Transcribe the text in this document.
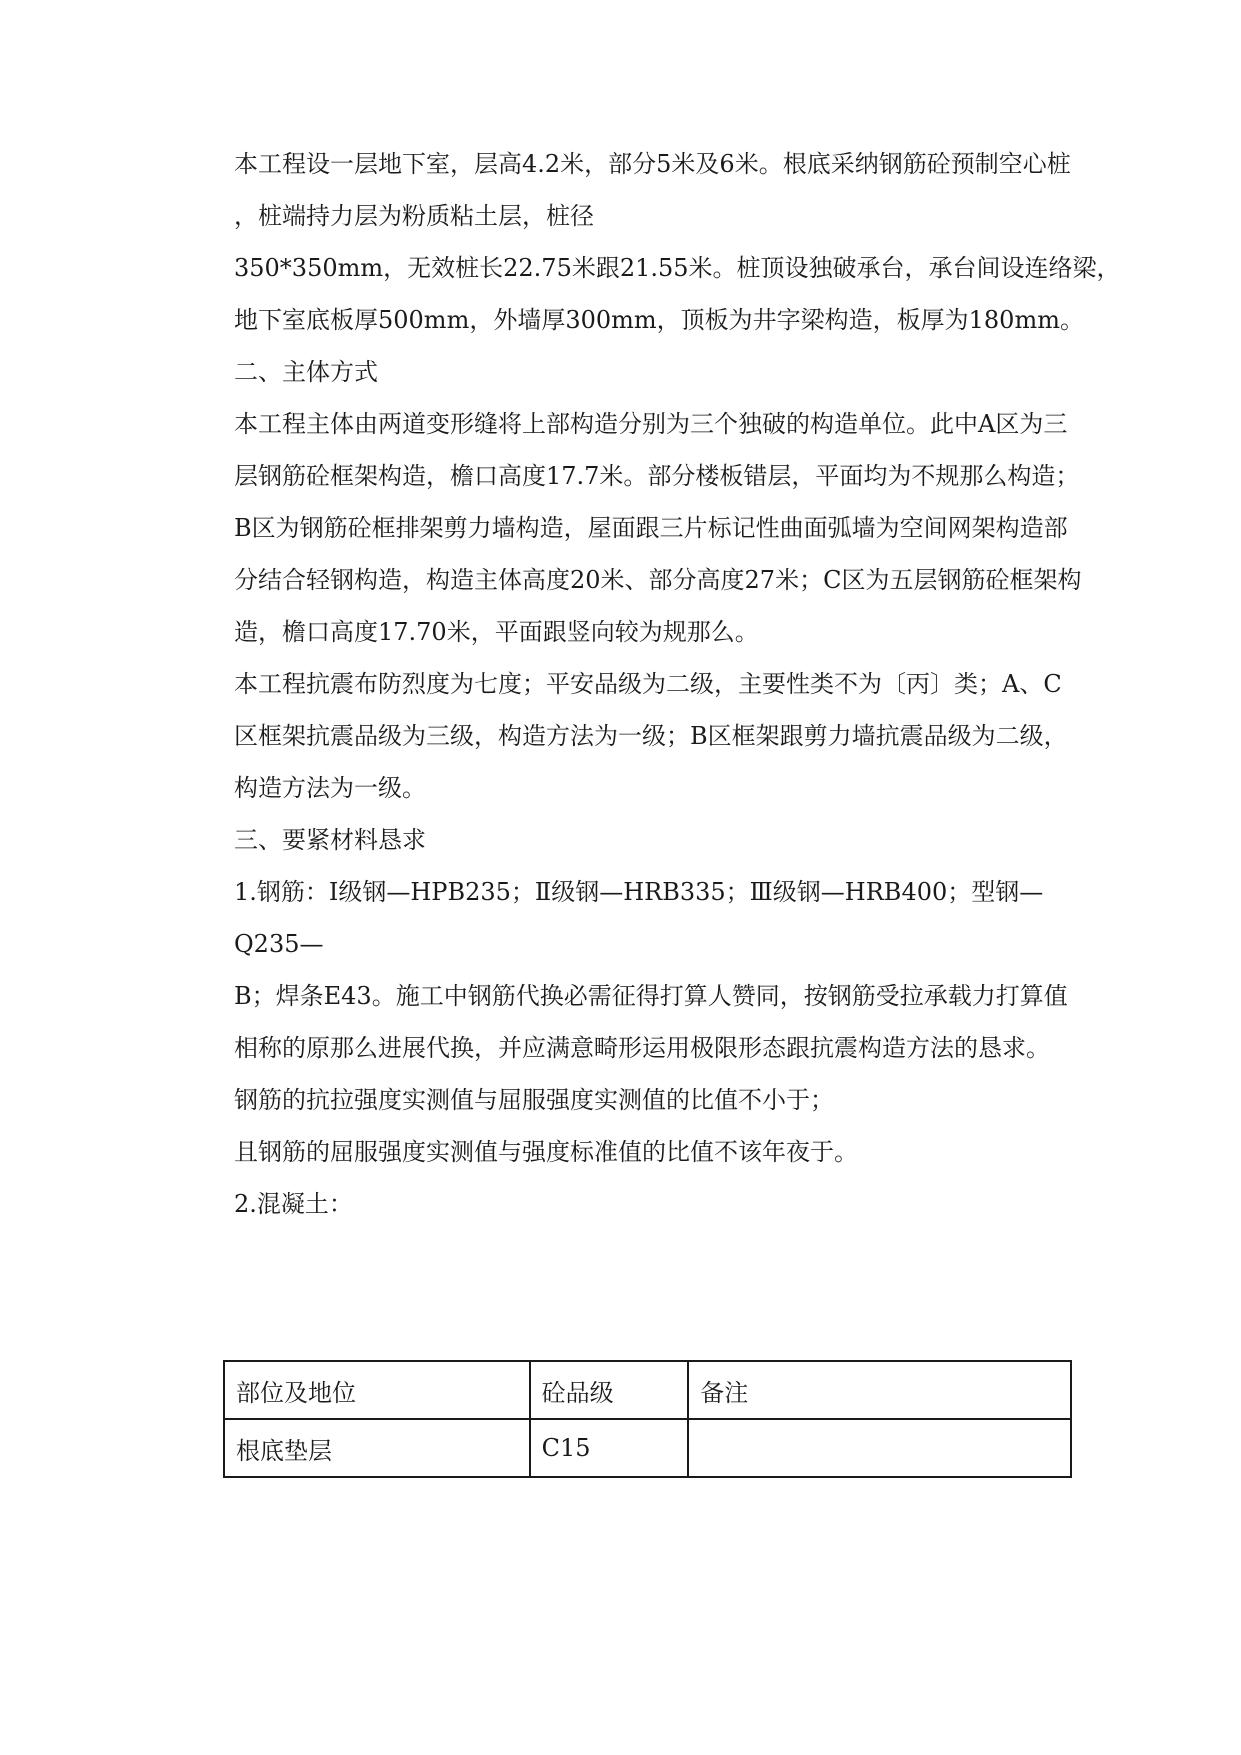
本工程设一层地下室，层高4.2米，部分5米及6米。根底采纳钢筋砼预制空心桩
，桩端持力层为粉质粘土层，桩径
350*350mm，无效桩长22.75米跟21.55米。桩顶设独破承台，承台间设连络梁，
地下室底板厚500mm，外墙厚300mm，顶板为井字梁构造，板厚为180mm。
二、主体方式
本工程主体由两道变形缝将上部构造分别为三个独破的构造单位。此中A区为三
层钢筋砼框架构造，檐口高度17.7米。部分楼板错层，平面均为不规那么构造；
B区为钢筋砼框排架剪力墙构造，屋面跟三片标记性曲面弧墙为空间网架构造部
分结合轻钢构造，构造主体高度20米、部分高度27米；C区为五层钢筋砼框架构
造，檐口高度17.70米，平面跟竖向较为规那么。
本工程抗震布防烈度为七度；平安品级为二级，主要性类不为〔丙〕类；A、C
区框架抗震品级为三级，构造方法为一级；B区框架跟剪力墙抗震品级为二级，
构造方法为一级。
三、要紧材料恳求
1.钢筋：Ⅰ级钢—HPB235；Ⅱ级钢—HRB335；Ⅲ级钢—HRB400；型钢—
Q235—
B；焊条E43。施工中钢筋代换必需征得打算人赞同，按钢筋受拉承载力打算值
相称的原那么进展代换，并应满意畸形运用极限形态跟抗震构造方法的恳求。
钢筋的抗拉强度实测值与屈服强度实测值的比值不小于；
且钢筋的屈服强度实测值与强度标准值的比值不该年夜于。
2.混凝土：
部位及地位	砼品级	备注
根底垫层	C15	
